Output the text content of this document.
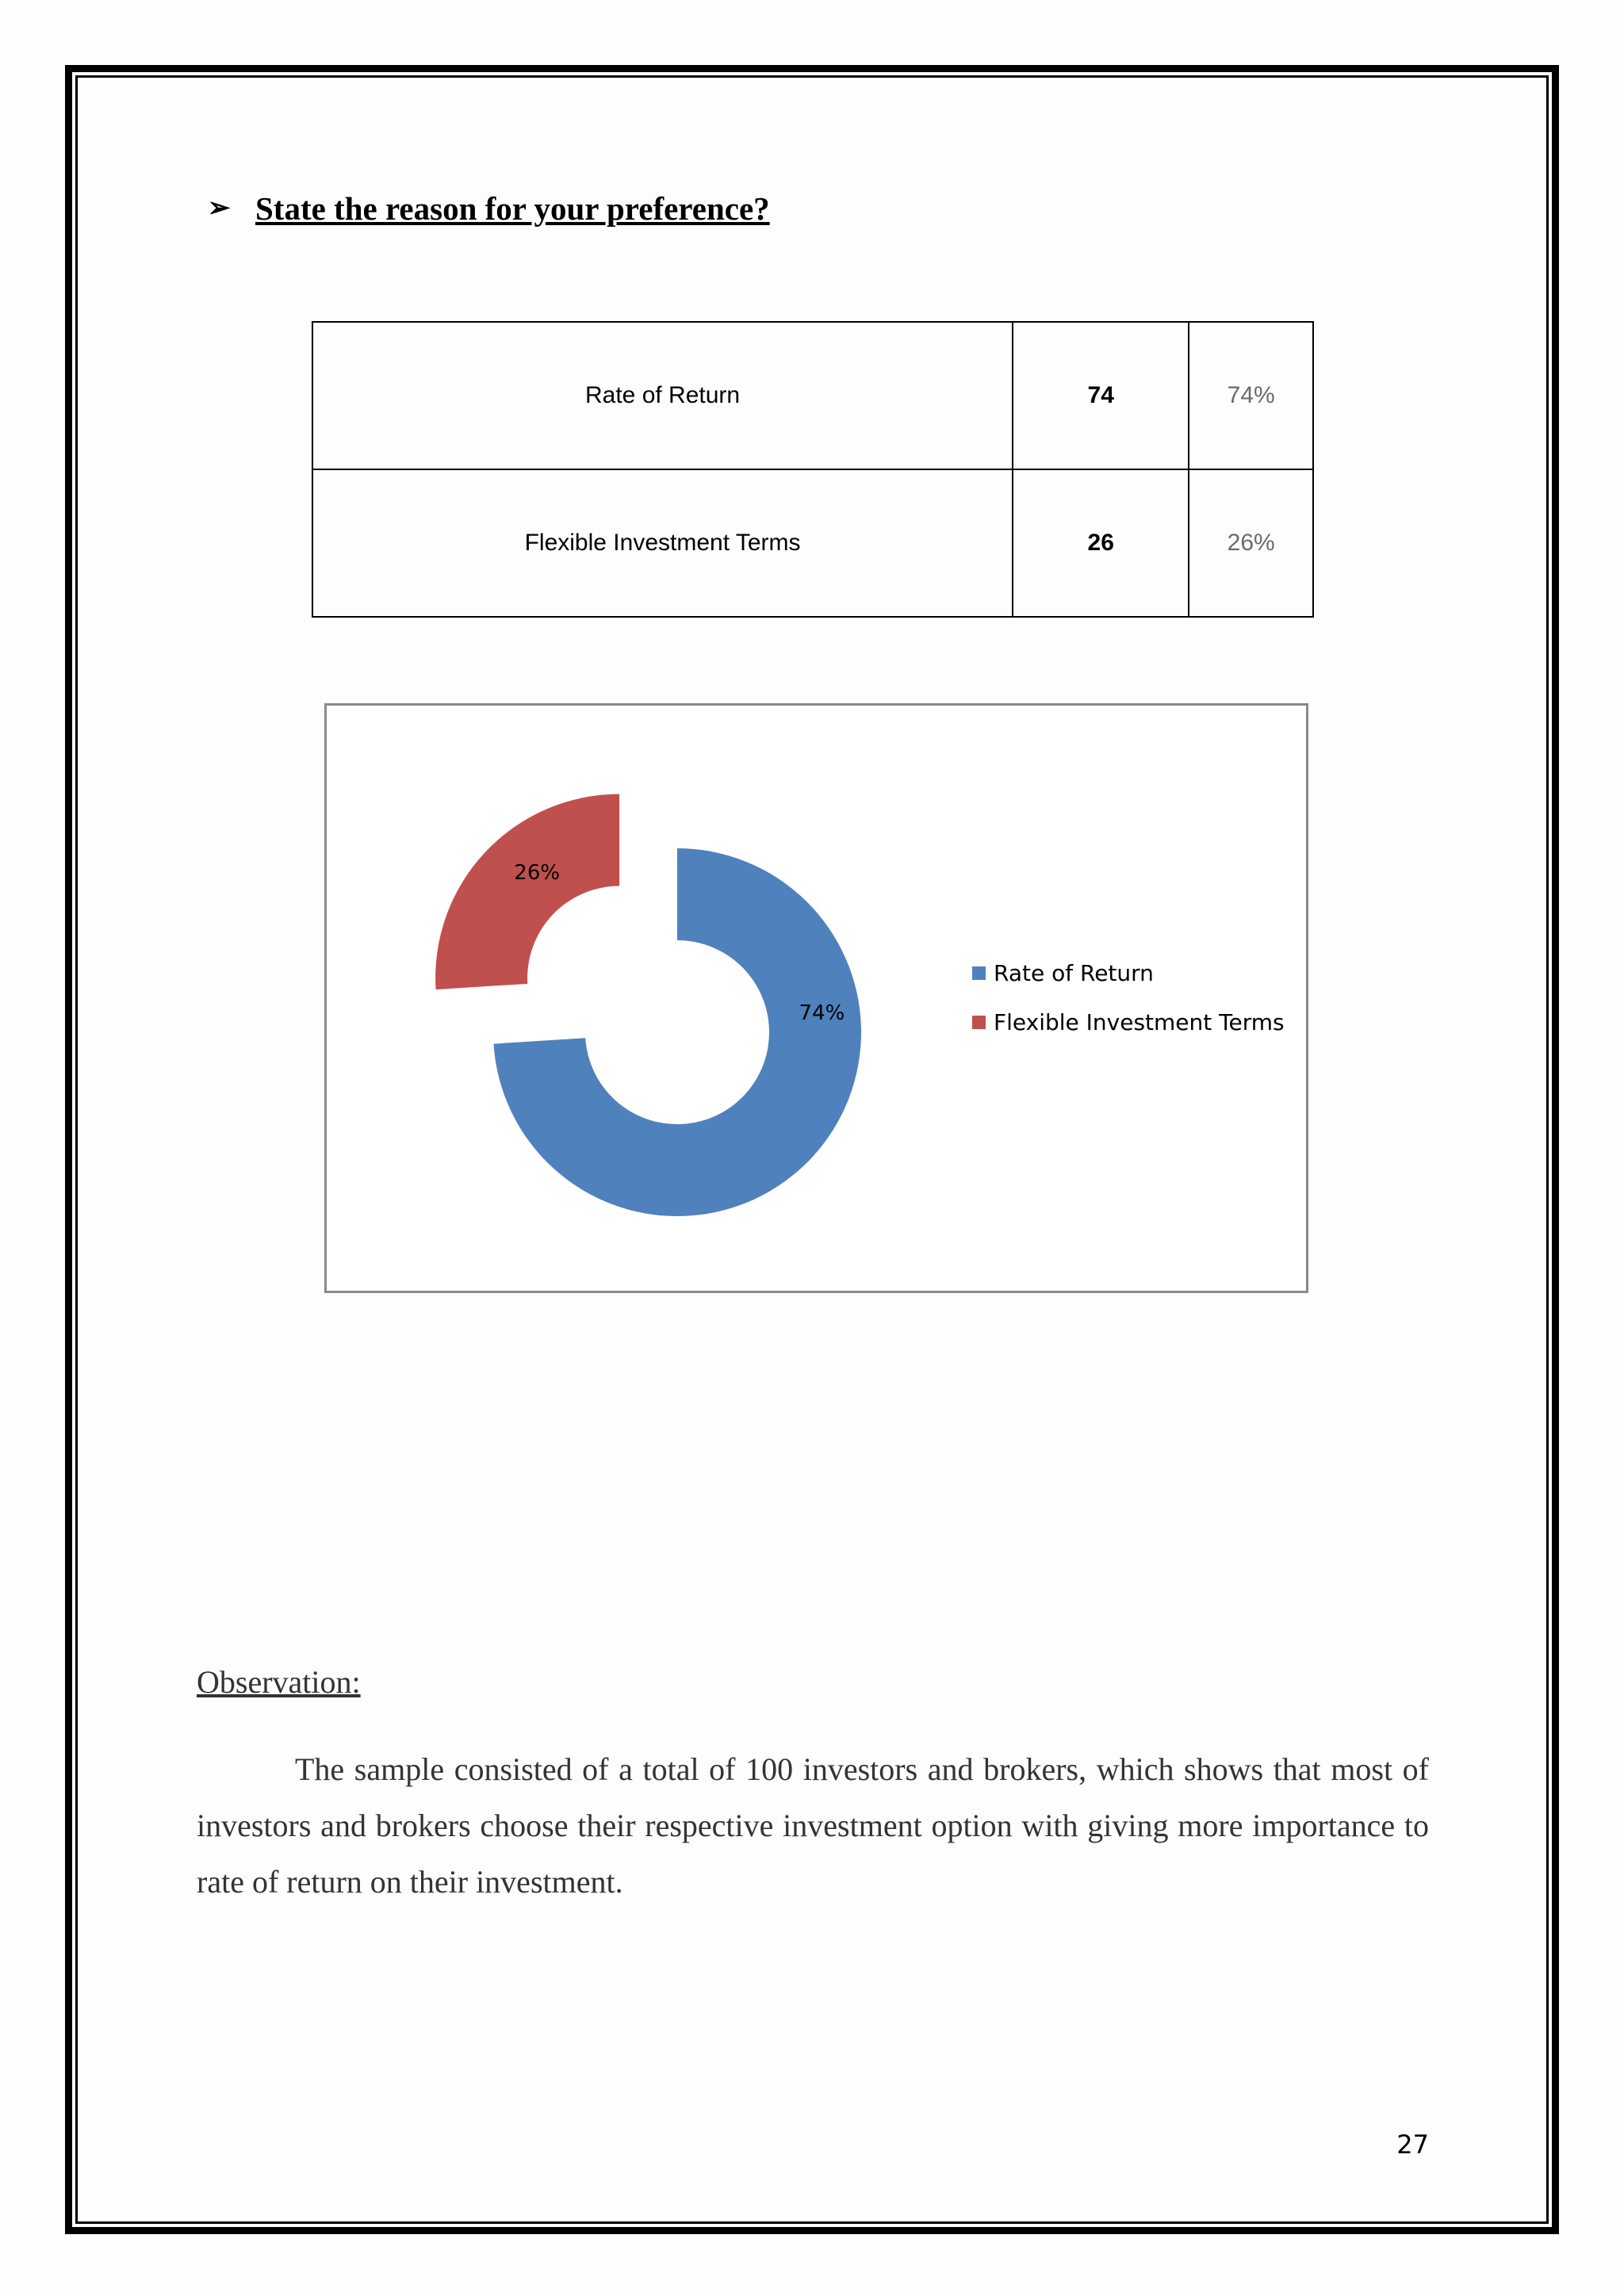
➢ State the reason for your preference?
Rate of Return	74	74%
Flexible Investment Terms	26	26%
74%
26%
Rate of Return
Flexible Investment Terms
Observation:
The sample consisted of a total of 100 investors and brokers, which shows that most of investors and brokers choose their respective investment option with giving more importance to rate of return on their investment.
27
